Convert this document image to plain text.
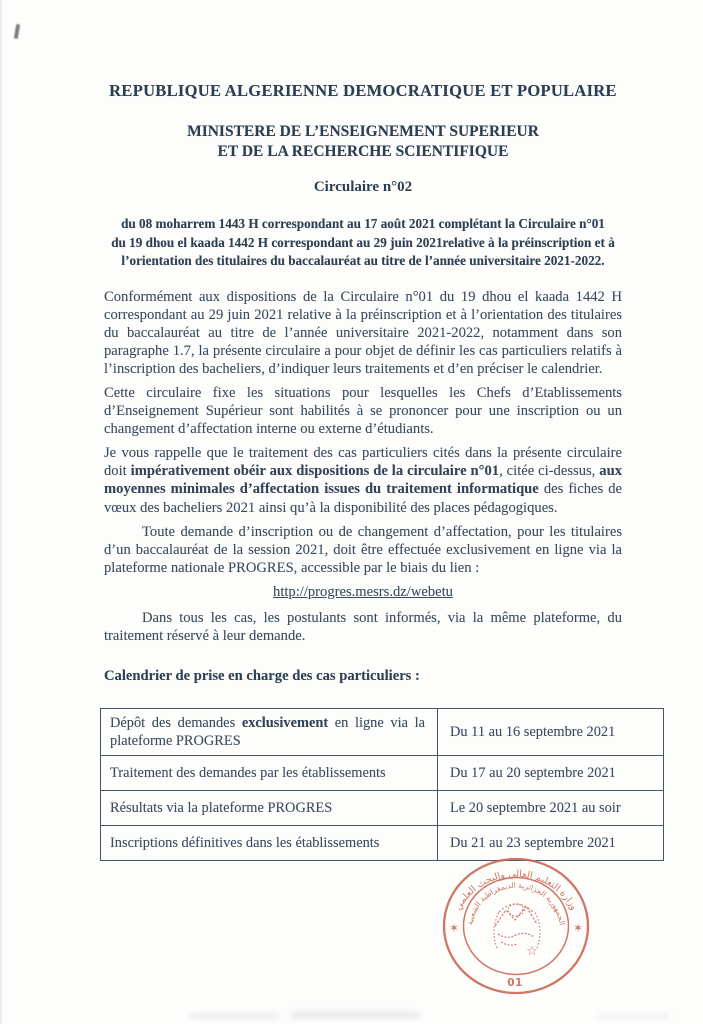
REPUBLIQUE ALGERIENNE DEMOCRATIQUE ET POPULAIRE
MINISTERE DE L’ENSEIGNEMENT SUPERIEUR
ET DE LA RECHERCHE SCIENTIFIQUE
Circulaire n°02
du 08 moharrem 1443 H correspondant au 17 août 2021 complétant la Circulaire n°01
du 19 dhou el kaada 1442 H correspondant au 29 juin 2021relative à la préinscription et à
l’orientation des titulaires du baccalauréat au titre de l’année universitaire 2021-2022.

Conformément aux dispositions de la Circulaire n°01 du 19 dhou el kaada 1442 H correspondant au 29 juin 2021 relative à la préinscription et à l’orientation des titulaires du baccalauréat au titre de l’année universitaire 2021-2022, notamment dans son paragraphe 1.7, la présente circulaire a pour objet de définir les cas particuliers relatifs à l’inscription des bacheliers, d’indiquer leurs traitements et d’en préciser le calendrier.

Cette circulaire fixe les situations pour lesquelles les Chefs d’Etablissements d’Enseignement Supérieur sont habilités à se prononcer pour une inscription ou un changement d’affectation interne ou externe d’étudiants.

Je vous rappelle que le traitement des cas particuliers cités dans la présente circulaire doit impérativement obéir aux dispositions de la circulaire n°01, citée ci-dessus, aux moyennes minimales d’affectation issues du traitement informatique des fiches de vœux des bacheliers 2021 ainsi qu’à la disponibilité des places pédagogiques.

Toute demande d’inscription ou de changement d’affectation, pour les titulaires d’un baccalauréat de la session 2021, doit être effectuée exclusivement en ligne via la plateforme nationale PROGRES, accessible par le biais du lien :

http://progres.mesrs.dz/webetu

Dans tous les cas, les postulants sont informés, via la même plateforme, du traitement réservé à leur demande.

Calendrier de prise en charge des cas particuliers :
Dépôt des demandes exclusivement en ligne via la plateforme PROGRES	Du 11 au 16 septembre 2021
Traitement des demandes par les établissements	Du 17 au 20 septembre 2021
Résultats via la plateforme PROGRES	Le 20 septembre 2021 au soir
Inscriptions définitives dans les établissements	Du 21 au 23 septembre 2021
وزارة التعليم العالي والبحث العلمي
الجمهورية الجزائرية الديمقراطية الشعبية
✶	✶
☆
01
